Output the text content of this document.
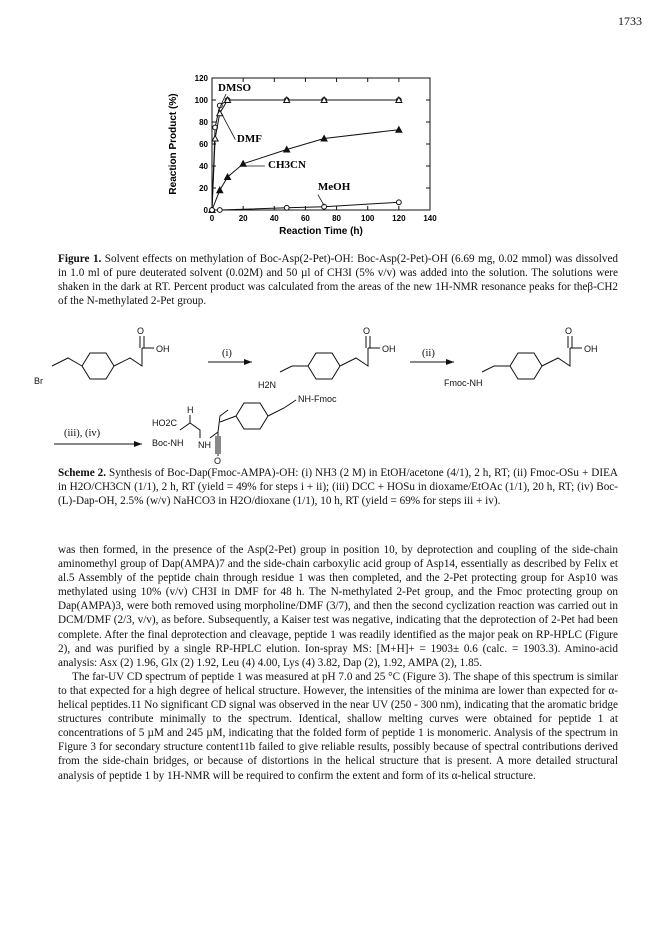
1733
0	20	40	60	80	100 120 140
0
20
40
60
80
100
120
Reaction Time (h)
Reaction Product (%)
DMSO
DMF
CH3CN
MeOH
Figure 1. Solvent effects on methylation of Boc-Asp(2-Pet)-OH: Boc-Asp(2-Pet)-OH (6.69 mg, 0.02 mmol) was dissolved in 1.0 ml of pure deuterated solvent (0.02M) and 50 µl of CH3I (5% v/v) was added into the solution. The solutions were shaken in the dark at RT. Percent product was calculated from the areas of the new 1H-NMR resonance peaks for theβ-CH2 of the N-methylated 2-Pet group.
Br
OH
O
H2N
OH
O
Fmoc-NH
OH
O
HO2C
H
Boc-NH NH
O
NH-Fmoc
(i)	(ii)
(iii), (iv)
Scheme 2. Synthesis of Boc-Dap(Fmoc-AMPA)-OH: (i) NH3 (2 M) in EtOH/acetone (4/1), 2 h, RT; (ii) Fmoc-OSu + DIEA in H2O/CH3CN (1/1), 2 h, RT (yield = 49% for steps i + ii); (iii) DCC + HOSu in dioxame/EtOAc (1/1), 20 h, RT; (iv) Boc-(L)-Dap-OH, 2.5% (w/v) NaHCO3 in H2O/dioxane (1/1), 10 h, RT (yield = 69% for steps iii + iv).

was then formed, in the presence of the Asp(2-Pet) group in position 10, by deprotection and coupling of the side-chain aminomethyl group of Dap(AMPA)7 and the side-chain carboxylic acid group of Asp14, essentially as described by Felix et al.5 Assembly of the peptide chain through residue 1 was then completed, and the 2-Pet protecting group for Asp10 was methylated using 10% (v/v) CH3I in DMF for 48 h. The N-methylated 2-Pet group, and the Fmoc protecting group on Dap(AMPA)3, were both removed using morpholine/DMF (3/7), and then the second cyclization reaction was carried out in DCM/DMF (2/3, v/v), as before. Subsequently, a Kaiser test was negative, indicating that the deprotection of 2-Pet had been complete. After the final deprotection and cleavage, peptide 1 was readily identified as the major peak on RP-HPLC (Figure 2), and was purified by a single RP-HPLC elution. Ion-spray MS: [M+H]+ = 1903± 0.6 (calc. = 1903.3). Amino-acid analysis: Asx (2) 1.96, Glx (2) 1.92, Leu (4) 4.00, Lys (4) 3.82, Dap (2), 1.92, AMPA (2), 1.85.

The far-UV CD spectrum of peptide 1 was measured at pH 7.0 and 25 °C (Figure 3). The shape of this spectrum is similar to that expected for a high degree of helical structure. However, the intensities of the minima are lower than expected for α-helical peptides.11 No significant CD signal was observed in the near UV (250 - 300 nm), indicating that the aromatic bridge structures contribute minimally to the spectrum. Identical, shallow melting curves were obtained for peptide 1 at concentrations of 5 µM and 245 µM, indicating that the folded form of peptide 1 is monomeric. Analysis of the spectrum in Figure 3 for secondary structure content11b failed to give reliable results, possibly because of spectral contributions derived from the side-chain bridges, or because of distortions in the helical structure that is present. A more detailed structural analysis of peptide 1 by 1H-NMR will be required to confirm the extent and form of its α-helical structure.
